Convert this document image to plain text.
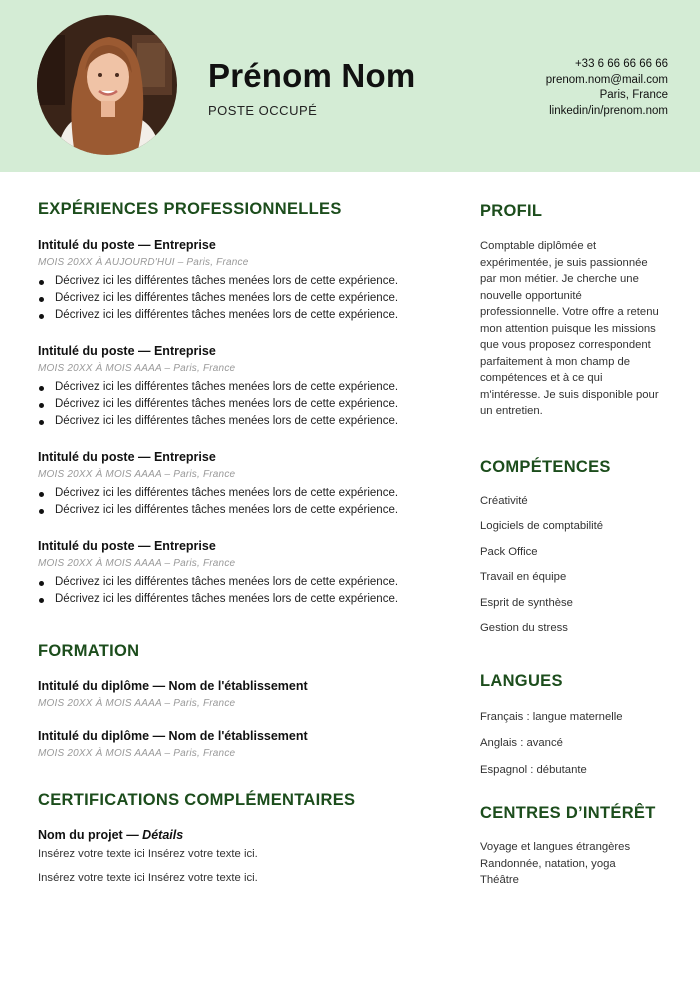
Prénom Nom
POSTE OCCUPÉ
+33 6 66 66 66 66
prenom.nom@mail.com
Paris, France
linkedin/in/prenom.nom
EXPÉRIENCES PROFESSIONNELLES
Intitulé du poste — Entreprise
MOIS 20XX À AUJOURD'HUI – Paris, France
Décrivez ici les différentes tâches menées lors de cette expérience.
Décrivez ici les différentes tâches menées lors de cette expérience.
Décrivez ici les différentes tâches menées lors de cette expérience.
Intitulé du poste — Entreprise
MOIS 20XX À MOIS AAAA – Paris, France
Décrivez ici les différentes tâches menées lors de cette expérience.
Décrivez ici les différentes tâches menées lors de cette expérience.
Décrivez ici les différentes tâches menées lors de cette expérience.
Intitulé du poste — Entreprise
MOIS 20XX À MOIS AAAA – Paris, France
Décrivez ici les différentes tâches menées lors de cette expérience.
Décrivez ici les différentes tâches menées lors de cette expérience.
Intitulé du poste — Entreprise
MOIS 20XX À MOIS AAAA – Paris, France
Décrivez ici les différentes tâches menées lors de cette expérience.
Décrivez ici les différentes tâches menées lors de cette expérience.
FORMATION
Intitulé du diplôme — Nom de l'établissement
MOIS 20XX À MOIS AAAA – Paris, France
Intitulé du diplôme — Nom de l'établissement
MOIS 20XX À MOIS AAAA – Paris, France
CERTIFICATIONS COMPLÉMENTAIRES
Nom du projet — Détails
Insérez votre texte ici Insérez votre texte ici.
Insérez votre texte ici Insérez votre texte ici.
PROFIL
Comptable diplômée et
expérimentée, je suis passionnée
par mon métier. Je cherche une
nouvelle opportunité
professionnelle. Votre offre a retenu
mon attention puisque les missions
que vous proposez correspondent
parfaitement à mon champ de
compétences et à ce qui
m'intéresse. Je suis disponible pour
un entretien.
COMPÉTENCES
Créativité
Logiciels de comptabilité
Pack Office
Travail en équipe
Esprit de synthèse
Gestion du stress
LANGUES
Français : langue maternelle
Anglais : avancé
Espagnol : débutante
CENTRES D’INTÉRÊT
Voyage et langues étrangères
Randonnée, natation, yoga
Théâtre
